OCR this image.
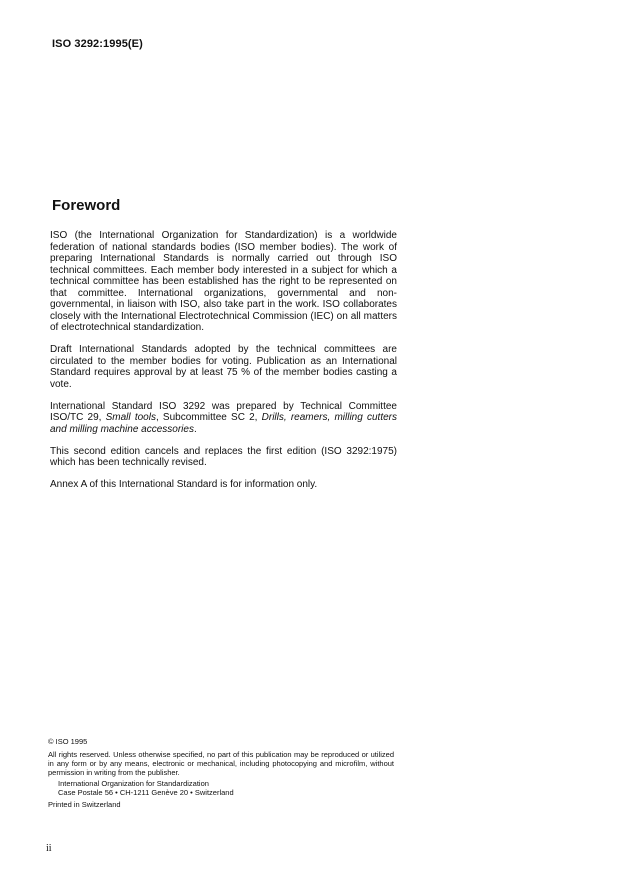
ISO 3292:1995(E)
Foreword

ISO (the International Organization for Standardization) is a worldwide federation of national standards bodies (ISO member bodies). The work of preparing International Standards is normally carried out through ISO technical committees. Each member body interested in a subject for which a technical committee has been established has the right to be represented on that committee. International organizations, governmental and non-governmental, in liaison with ISO, also take part in the work. ISO collaborates closely with the International Electrotechnical Commission (IEC) on all matters of electrotechnical standardization.

Draft International Standards adopted by the technical committees are circulated to the member bodies for voting. Publication as an International Standard requires approval by at least 75 % of the member bodies casting a vote.

International Standard ISO 3292 was prepared by Technical Committee ISO/TC 29, Small tools, Subcommittee SC 2, Drills, reamers, milling cutters and milling machine accessories.

This second edition cancels and replaces the first edition (ISO 3292:1975) which has been technically revised.

Annex A of this International Standard is for information only.

© ISO 1995

All rights reserved. Unless otherwise specified, no part of this publication may be reproduced or utilized in any form or by any means, electronic or mechanical, including photocopying and microfilm, without permission in writing from the publisher.

International Organization for Standardization

Case Postale 56 • CH-1211 Genève 20 • Switzerland

Printed in Switzerland

ii
